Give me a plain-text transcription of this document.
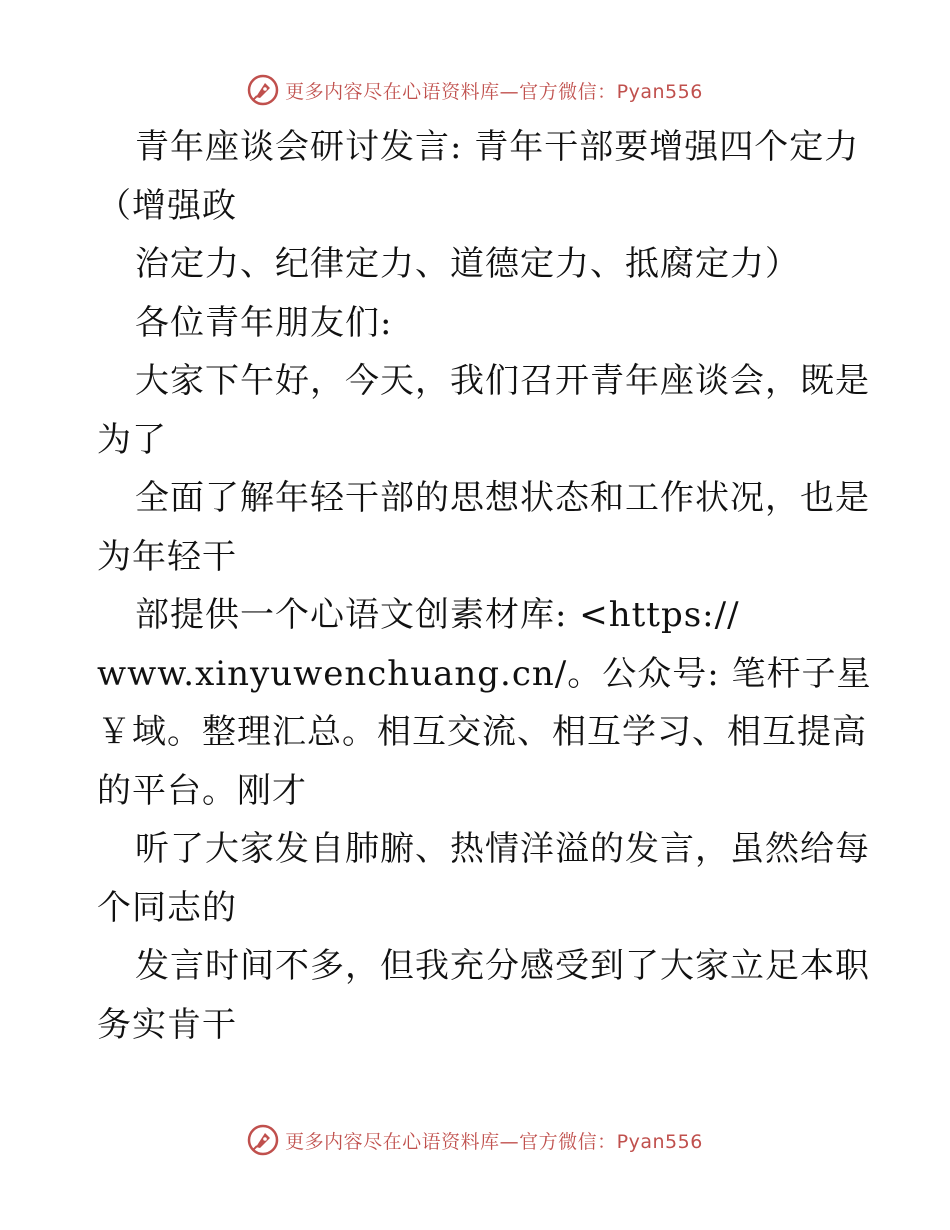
更多内容尽在心语资料库—官方微信：Pyan556
青年座谈会研讨发言: 青年干部要增强四个定力
（增强政
治定力、纪律定力、道德定力、抵腐定力）
各位青年朋友们:
大家下午好，今天，我们召开青年座谈会，既是
为了
全面了解年轻干部的思想状态和工作状况，也是
为年轻干
部提供一个心语文创素材库: <https://
www.xinyuwenchuang.cn/。公众号: 笔杆子星
￥域。整理汇总。相互交流、相互学习、相互提高
的平台。刚才
听了大家发自肺腑、热情洋溢的发言，虽然给每
个同志的
发言时间不多，但我充分感受到了大家立足本职
务实肯干
更多内容尽在心语资料库—官方微信：Pyan556
